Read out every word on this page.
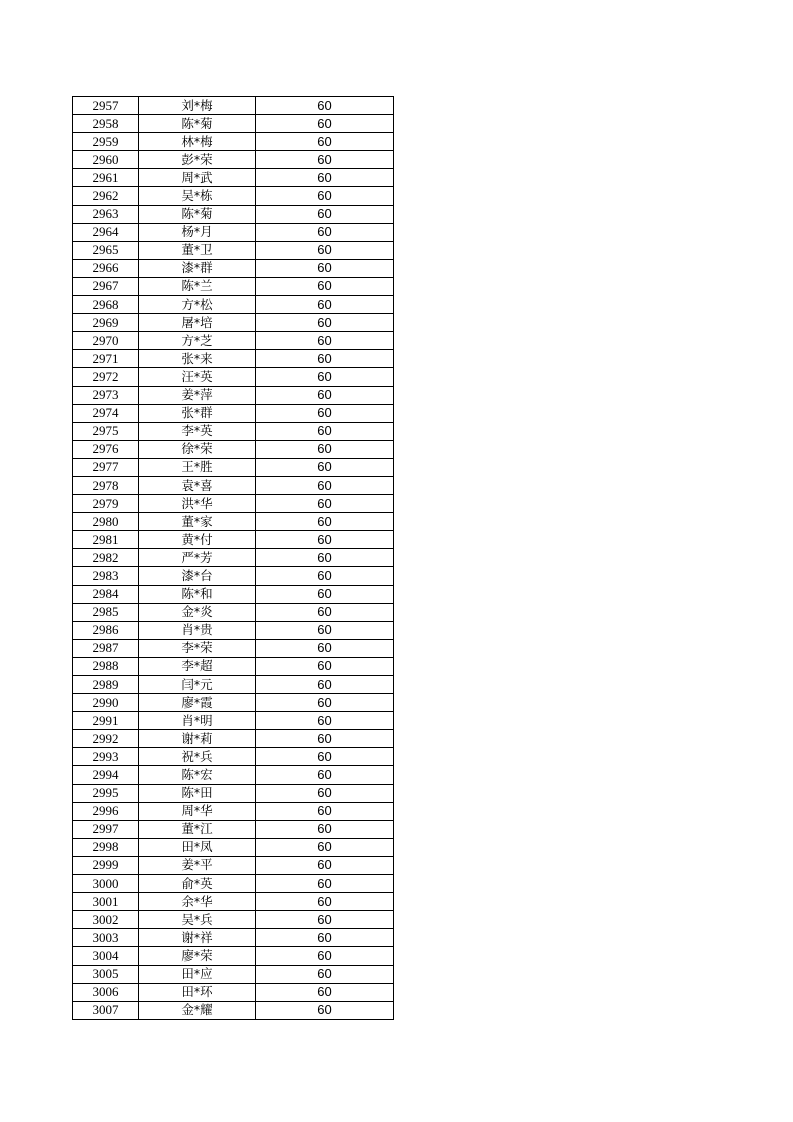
2957	刘*梅	60
2958	陈*菊	60
2959	林*梅	60
2960	彭*荣	60
2961	周*武	60
2962	吴*栋	60
2963	陈*菊	60
2964	杨*月	60
2965	董*卫	60
2966	漆*群	60
2967	陈*兰	60
2968	方*松	60
2969	屠*培	60
2970	方*芝	60
2971	张*来	60
2972	汪*英	60
2973	姜*萍	60
2974	张*群	60
2975	李*英	60
2976	徐*荣	60
2977	王*胜	60
2978	袁*喜	60
2979	洪*华	60
2980	董*家	60
2981	黄*付	60
2982	严*芳	60
2983	漆*台	60
2984	陈*和	60
2985	金*炎	60
2986	肖*贵	60
2987	李*荣	60
2988	李*超	60
2989	闫*元	60
2990	廖*霞	60
2991	肖*明	60
2992	谢*莉	60
2993	祝*兵	60
2994	陈*宏	60
2995	陈*田	60
2996	周*华	60
2997	董*江	60
2998	田*凤	60
2999	姜*平	60
3000	俞*英	60
3001	余*华	60
3002	吴*兵	60
3003	谢*祥	60
3004	廖*荣	60
3005	田*应	60
3006	田*环	60
3007	金*耀	60
